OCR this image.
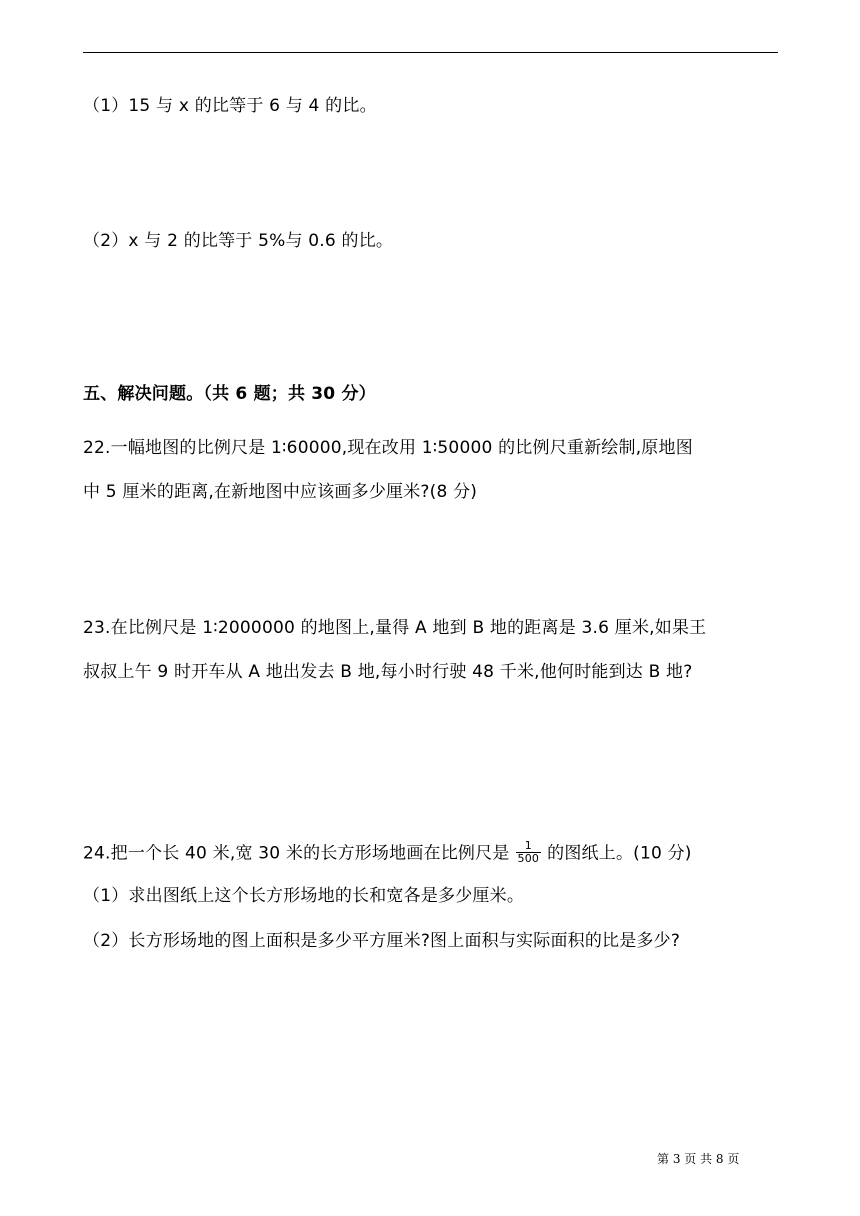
（1）15 与 x 的比等于 6 与 4 的比。
（2）x 与 2 的比等于 5%与 0.6 的比。
五、解决问题。（共 6 题；共 30 分）
22.一幅地图的比例尺是 1∶60000,现在改用 1∶50000 的比例尺重新绘制,原地图
中 5 厘米的距离,在新地图中应该画多少厘米?(8 分)
23.在比例尺是 1∶2000000 的地图上,量得 A 地到 B 地的距离是 3.6 厘米,如果王
叔叔上午 9 时开车从 A 地出发去 B 地,每小时行驶 48 千米,他何时能到达 B 地?
24.把一个长 40 米,宽 30 米的长方形场地画在比例尺是 $\frac{1}{500}$ 的图纸上。(10 分)
（1）求出图纸上这个长方形场地的长和宽各是多少厘米。
（2）长方形场地的图上面积是多少平方厘米?图上面积与实际面积的比是多少?
第 3 页 共 8 页
